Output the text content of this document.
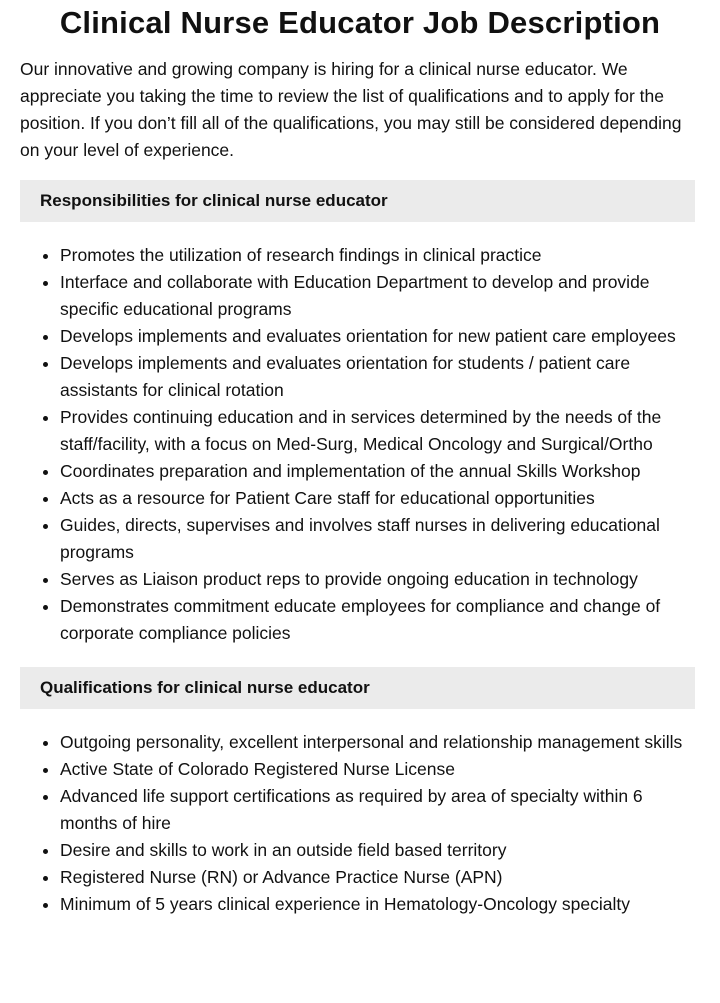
Clinical Nurse Educator Job Description

Our innovative and growing company is hiring for a clinical nurse educator. We appreciate you taking the time to review the list of qualifications and to apply for the position. If you don’t fill all of the qualifications, you may still be considered depending on your level of experience.

Responsibilities for clinical nurse educator
• Promotes the utilization of research findings in clinical practice
• Interface and collaborate with Education Department to develop and provide specific educational programs
• Develops implements and evaluates orientation for new patient care employees
• Develops implements and evaluates orientation for students / patient care assistants for clinical rotation
• Provides continuing education and in services determined by the needs of the staff/facility, with a focus on Med-Surg, Medical Oncology and Surgical/Ortho
• Coordinates preparation and implementation of the annual Skills Workshop
• Acts as a resource for Patient Care staff for educational opportunities
• Guides, directs, supervises and involves staff nurses in delivering educational programs
• Serves as Liaison product reps to provide ongoing education in technology
• Demonstrates commitment educate employees for compliance and change of corporate compliance policies
Qualifications for clinical nurse educator
• Outgoing personality, excellent interpersonal and relationship management skills
• Active State of Colorado Registered Nurse License
• Advanced life support certifications as required by area of specialty within 6 months of hire
• Desire and skills to work in an outside field based territory
• Registered Nurse (RN) or Advance Practice Nurse (APN)
• Minimum of 5 years clinical experience in Hematology-Oncology specialty
